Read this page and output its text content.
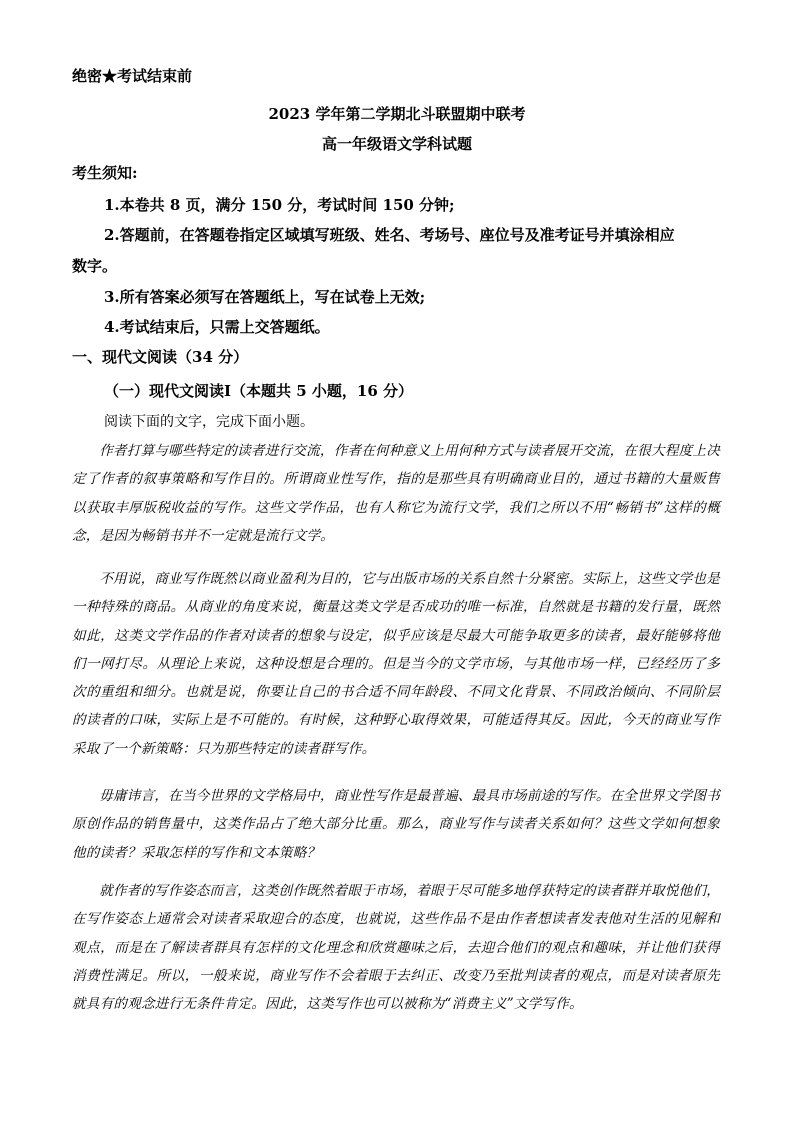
绝密★考试结束前
2023 学年第二学期北斗联盟期中联考
高一年级语文学科试题
考生须知:
1.本卷共 8 页，满分 150 分，考试时间 150 分钟;
2.答题前，在答题卷指定区域填写班级、姓名、考场号、座位号及准考证号并填涂相应
数字。
3.所有答案必须写在答题纸上，写在试卷上无效;
4.考试结束后，只需上交答题纸。
一、现代文阅读（34 分）
（一）现代文阅读Ⅰ（本题共 5 小题，16 分）
阅读下面的文字，完成下面小题。
作者打算与哪些特定的读者进行交流，作者在何种意义上用何种方式与读者展开交流，在很大程度上决定了作者的叙事策略和写作目的。所谓商业性写作，指的是那些具有明确商业目的，通过书籍的大量贩售以获取丰厚版税收益的写作。这些文学作品，也有人称它为流行文学，我们之所以不用“畅销书”这样的概念，是因为畅销书并不一定就是流行文学。
不用说，商业写作既然以商业盈利为目的，它与出版市场的关系自然十分紧密。实际上，这些文学也是一种特殊的商品。从商业的角度来说，衡量这类文学是否成功的唯一标准，自然就是书籍的发行量，既然如此，这类文学作品的作者对读者的想象与设定，似乎应该是尽最大可能争取更多的读者，最好能够将他们一网打尽。从理论上来说，这种设想是合理的。但是当今的文学市场，与其他市场一样，已经经历了多次的重组和细分。也就是说，你要让自己的书合适不同年龄段、不同文化背景、不同政治倾向、不同阶层的读者的口味，实际上是不可能的。有时候，这种野心取得效果，可能适得其反。因此，今天的商业写作采取了一个新策略：只为那些特定的读者群写作。
毋庸讳言，在当今世界的文学格局中，商业性写作是最普遍、最具市场前途的写作。在全世界文学图书原创作品的销售量中，这类作品占了绝大部分比重。那么，商业写作与读者关系如何？这些文学如何想象他的读者？采取怎样的写作和文本策略？
就作者的写作姿态而言，这类创作既然着眼于市场，着眼于尽可能多地俘获特定的读者群并取悦他们，在写作姿态上通常会对读者采取迎合的态度，也就说，这些作品不是由作者想读者发表他对生活的见解和观点，而是在了解读者群具有怎样的文化理念和欣赏趣味之后，去迎合他们的观点和趣味，并让他们获得消费性满足。所以，一般来说，商业写作不会着眼于去纠正、改变乃至批判读者的观点，而是对读者原先就具有的观念进行无条件肯定。因此，这类写作也可以被称为“消费主义”文学写作。
